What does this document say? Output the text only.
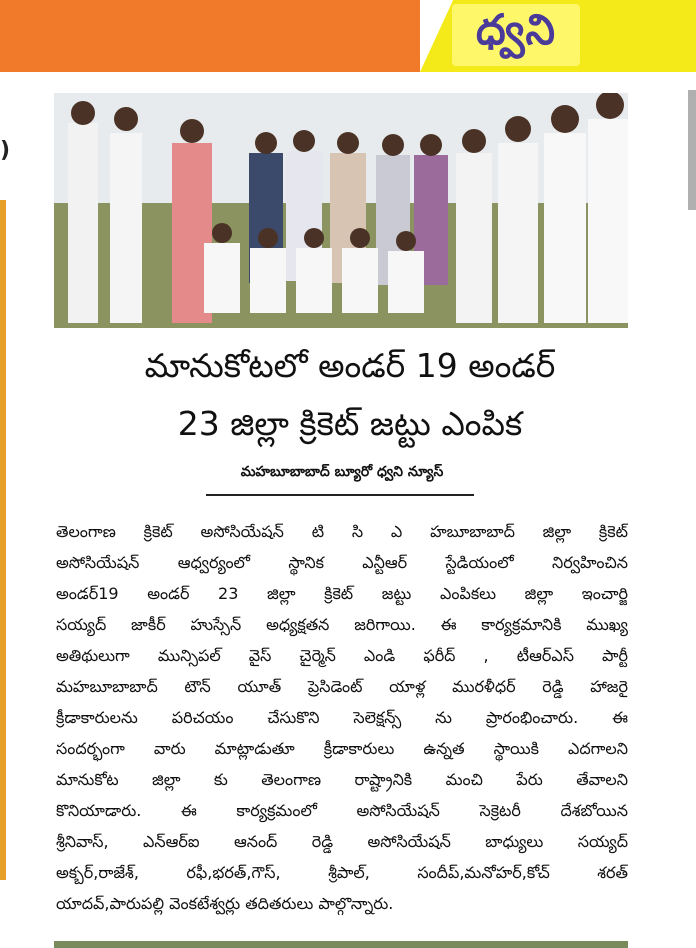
ధ్వని
)
మానుకోటలో అండర్ 19 అండర్
23 జిల్లా క్రికెట్ జట్టు ఎంపిక
మహబూబాబాద్ బ్యూరో ధ్వని న్యూస్
తెలంగాణ క్రికెట్ అసోసియేషన్ టి సి ఎ హబూబాబాద్ జిల్లా క్రికెట్
అసోసియేషన్ ఆధ్వర్యంలో స్థానిక ఎన్టీఆర్ స్టేడియంలో నిర్వహించిన
అండర్19 అండర్ 23 జిల్లా క్రికెట్ జట్టు ఎంపికలు జిల్లా ఇంచార్జి
సయ్యద్ జాకీర్ హుస్సేన్ అధ్యక్షతన జరిగాయి. ఈ కార్యక్రమానికి ముఖ్య
అతిథులుగా మున్సిపల్ వైస్ చైర్మెన్ ఎండి ఫరీద్ , టీఆర్ఎస్ పార్టీ
మహబూబాబాద్ టౌన్ యూత్ ప్రెసిడెంట్ యాళ్ల మురళీధర్ రెడ్డి హాజరై
క్రీడాకారులను పరిచయం చేసుకొని సెలెక్షన్స్ ను ప్రారంభించారు. ఈ
సందర్భంగా వారు మాట్లాడుతూ క్రీడాకారులు ఉన్నత స్థాయికి ఎదగాలని
మానుకోట జిల్లా కు తెలంగాణ రాష్ట్రానికి మంచి పేరు తేవాలని
కొనియాడారు. ఈ కార్యక్రమంలో అసోసియేషన్ సెక్రెటరీ దేశబోయిన
శ్రీనివాస్, ఎన్ఆర్ఐ ఆనంద్ రెడ్డి అసోసియేషన్ బాధ్యులు సయ్యద్
అక్బర్,రాజేశ్, రఫీ,భరత్,గౌస్, శ్రీపాల్, సందీప్,మనోహర్,కోచ్ శరత్
యాదవ్,పారుపల్లి వెంకటేశ్వర్లు తదితరులు పాల్గొన్నారు.
